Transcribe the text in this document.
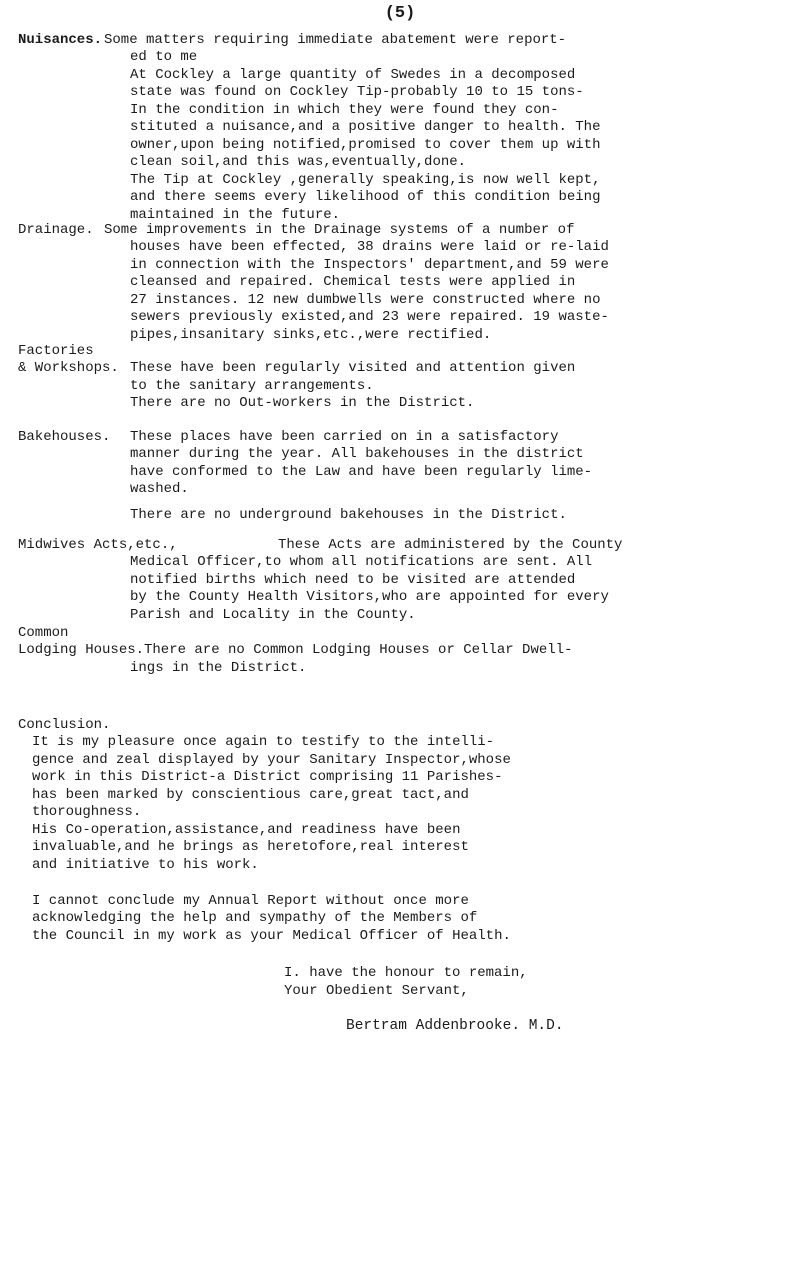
(5)
Nuisances. Some matters requiring immediate abatement were report-
ed to me
At Cockley a large quantity of Swedes in a decomposed
state was found on Cockley Tip-probably 10 to 15 tons-
In the condition in which they were found they con-
stituted a nuisance,and a positive danger to health. The
owner,upon being notified,promised to cover them up with
clean soil,and this was,eventually,done.
The Tip at Cockley ,generally speaking,is now well kept,
and there seems every likelihood of this condition being
maintained in the future.
Drainage. Some improvements in the Drainage systems of a number of
houses have been effected, 38 drains were laid or re-laid
in connection with the Inspectors' department,and 59 were
cleansed and repaired. Chemical tests were applied in
27 instances. 12 new dumbwells were constructed where no
sewers previously existed,and 23 were repaired. 19 waste-
pipes,insanitary sinks,etc.,were rectified.
Factories
& Workshops. These have been regularly visited and attention given
to the sanitary arrangements.
There are no Out-workers in the District.
Bakehouses. These places have been carried on in a satisfactory
manner during the year. All bakehouses in the district
have conformed to the Law and have been regularly lime-
washed.
There are no underground bakehouses in the District.
Midwives Acts,etc.,	These Acts are administered by the County
Medical Officer,to whom all notifications are sent. All
notified births which need to be visited are attended
by the County Health Visitors,who are appointed for every
Parish and Locality in the County.
Common
Lodging Houses. There are no Common Lodging Houses or Cellar Dwell-
ings in the District.
Conclusion.
It is my pleasure once again to testify to the intelli-
gence and zeal displayed by your Sanitary Inspector,whose
work in this District-a District comprising 11 Parishes-
has been marked by conscientious care,great tact,and
thoroughness.
His Co-operation,assistance,and readiness have been
invaluable,and he brings as heretofore,real interest
and initiative to his work.
I cannot conclude my Annual Report without once more
acknowledging the help and sympathy of the Members of
the Council in my work as your Medical Officer of Health.
I. have the honour to remain,
Your Obedient Servant,
Bertram Addenbrooke. M.D.
